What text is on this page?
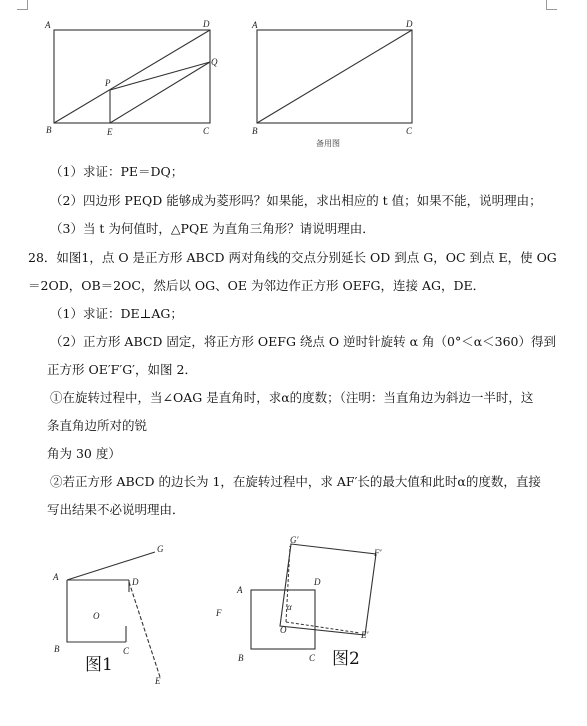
A	D
B	C
P
Q
E
A	D
B	C
备用图
（1）求证：PE＝DQ；
（2）四边形 PEQD 能够成为菱形吗？如果能，求出相应的 t 值；如果不能，说明理由；
（3）当 t 为何值时，△PQE 为直角三角形？请说明理由．
28．如图1，点 O 是正方形 ABCD 两对角线的交点分别延长 OD 到点 G，OC 到点 E，使 OG
＝2OD，OB＝2OC，然后以 OG、OE 为邻边作正方形 OEFG，连接 AG，DE．
（1）求证：DE⊥AG；
（2）正方形 ABCD 固定，将正方形 OEFG 绕点 O 逆时针旋转 α 角（0°＜α＜360）得到
正方形 OE′F′G′，如图 2．
①在旋转过程中，当∠OAG 是直角时，求α的度数；（注明：当直角边为斜边一半时，这
条直角边所对的锐
角为 30 度）
②若正方形 ABCD 的边长为 1，在旋转过程中，求 AF′长的最大值和此时α的度数，直接
写出结果不必说明理由．
A
G
D
O
B	C
E
图1
G′
F′
A
D
F
α
O	E′
B	C 图2
